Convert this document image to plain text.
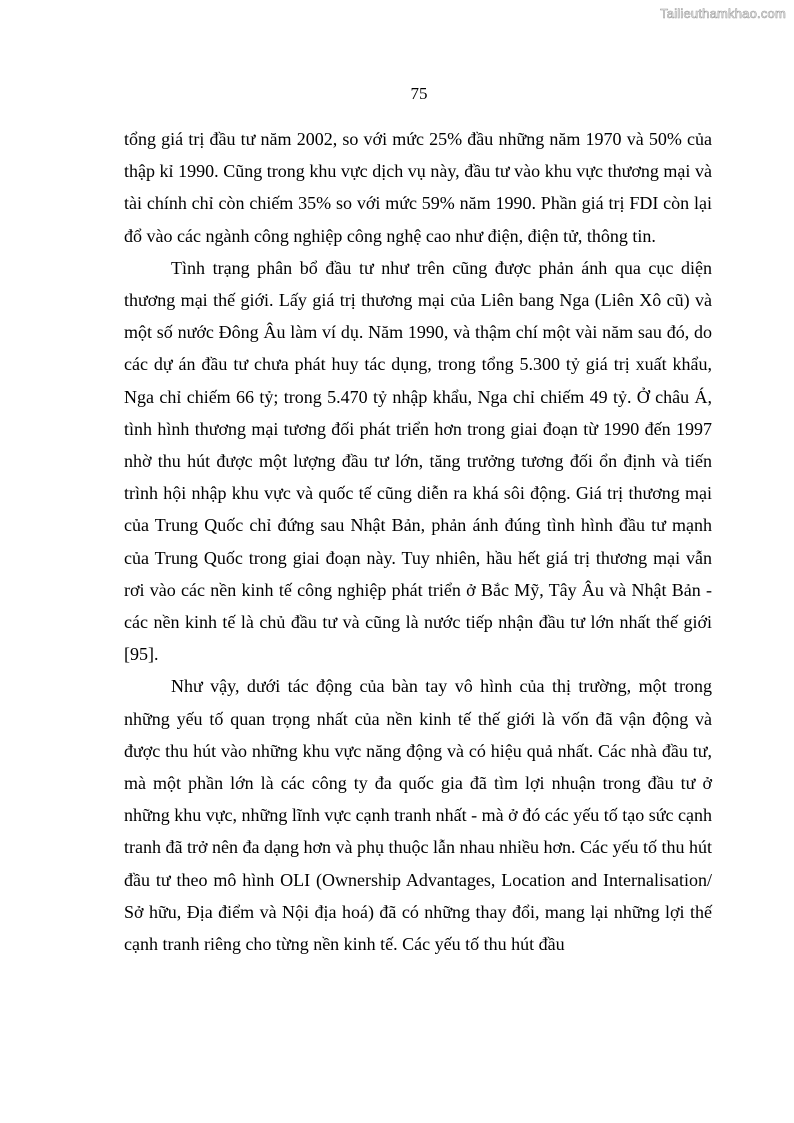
Tailieuthamkhao.com
75

tổng giá trị đầu tư năm 2002, so với mức 25% đầu những năm 1970 và 50% của thập kỉ 1990. Cũng trong khu vực dịch vụ này, đầu tư vào khu vực thương mại và tài chính chỉ còn chiếm 35% so với mức 59% năm 1990. Phần giá trị FDI còn lại đổ vào các ngành công nghiệp công nghệ cao như điện, điện tử, thông tin.

Tình trạng phân bổ đầu tư như trên cũng được phản ánh qua cục diện thương mại thế giới. Lấy giá trị thương mại của Liên bang Nga (Liên Xô cũ) và một số nước Đông Âu làm ví dụ. Năm 1990, và thậm chí một vài năm sau đó, do các dự án đầu tư chưa phát huy tác dụng, trong tổng 5.300 tỷ giá trị xuất khẩu, Nga chỉ chiếm 66 tỷ; trong 5.470 tỷ nhập khẩu, Nga chỉ chiếm 49 tỷ. Ở châu Á, tình hình thương mại tương đối phát triển hơn trong giai đoạn từ 1990 đến 1997 nhờ thu hút được một lượng đầu tư lớn, tăng trưởng tương đối ổn định và tiến trình hội nhập khu vực và quốc tế cũng diễn ra khá sôi động. Giá trị thương mại của Trung Quốc chỉ đứng sau Nhật Bản, phản ánh đúng tình hình đầu tư mạnh của Trung Quốc trong giai đoạn này. Tuy nhiên, hầu hết giá trị thương mại vẫn rơi vào các nền kinh tế công nghiệp phát triển ở Bắc Mỹ, Tây Âu và Nhật Bản - các nền kinh tế là chủ đầu tư và cũng là nước tiếp nhận đầu tư lớn nhất thế giới [95].

Như vậy, dưới tác động của bàn tay vô hình của thị trường, một trong những yếu tố quan trọng nhất của nền kinh tế thế giới là vốn đã vận động và được thu hút vào những khu vực năng động và có hiệu quả nhất. Các nhà đầu tư, mà một phần lớn là các công ty đa quốc gia đã tìm lợi nhuận trong đầu tư ở những khu vực, những lĩnh vực cạnh tranh nhất - mà ở đó các yếu tố tạo sức cạnh tranh đã trở nên đa dạng hơn và phụ thuộc lẫn nhau nhiều hơn. Các yếu tố thu hút đầu tư theo mô hình OLI (Ownership Advantages, Location and Internalisation/ Sở hữu, Địa điểm và Nội địa hoá) đã có những thay đổi, mang lại những lợi thế cạnh tranh riêng cho từng nền kinh tế. Các yếu tố thu hút đầu
